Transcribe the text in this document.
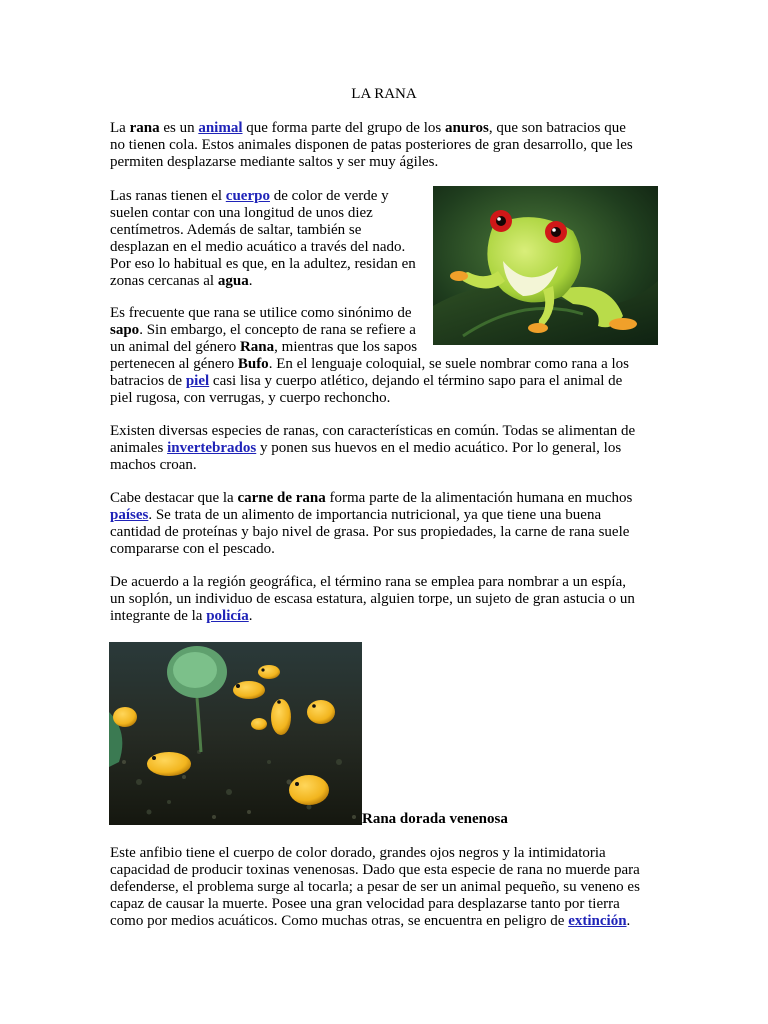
LA RANA
La rana es un animal que forma parte del grupo de los anuros, que son batracios que
no tienen cola. Estos animales disponen de patas posteriores de gran desarrollo, que les
permiten desplazarse mediante saltos y ser muy ágiles.
Las ranas tienen el cuerpo de color de verde y
suelen contar con una longitud de unos diez
centímetros. Además de saltar, también se
desplazan en el medio acuático a través del nado.
Por eso lo habitual es que, en la adultez, residan en
zonas cercanas al agua.
Es frecuente que rana se utilice como sinónimo de
sapo. Sin embargo, el concepto de rana se refiere a
un animal del género Rana, mientras que los sapos
pertenecen al género Bufo. En el lenguaje coloquial, se suele nombrar como rana a los
batracios de piel casi lisa y cuerpo atlético, dejando el término sapo para el animal de
piel rugosa, con verrugas, y cuerpo rechoncho.
Existen diversas especies de ranas, con características en común. Todas se alimentan de
animales invertebrados y ponen sus huevos en el medio acuático. Por lo general, los
machos croan.
Cabe destacar que la carne de rana forma parte de la alimentación humana en muchos
países. Se trata de un alimento de importancia nutricional, ya que tiene una buena
cantidad de proteínas y bajo nivel de grasa. Por sus propiedades, la carne de rana suele
compararse con el pescado.
De acuerdo a la región geográfica, el término rana se emplea para nombrar a un espía,
un soplón, un individuo de escasa estatura, alguien torpe, un sujeto de gran astucia o un
integrante de la policía.
Rana dorada venenosa
Este anfibio tiene el cuerpo de color dorado, grandes ojos negros y la intimidatoria
capacidad de producir toxinas venenosas. Dado que esta especie de rana no muerde para
defenderse, el problema surge al tocarla; a pesar de ser un animal pequeño, su veneno es
capaz de causar la muerte. Posee una gran velocidad para desplazarse tanto por tierra
como por medios acuáticos. Como muchas otras, se encuentra en peligro de extinción.
